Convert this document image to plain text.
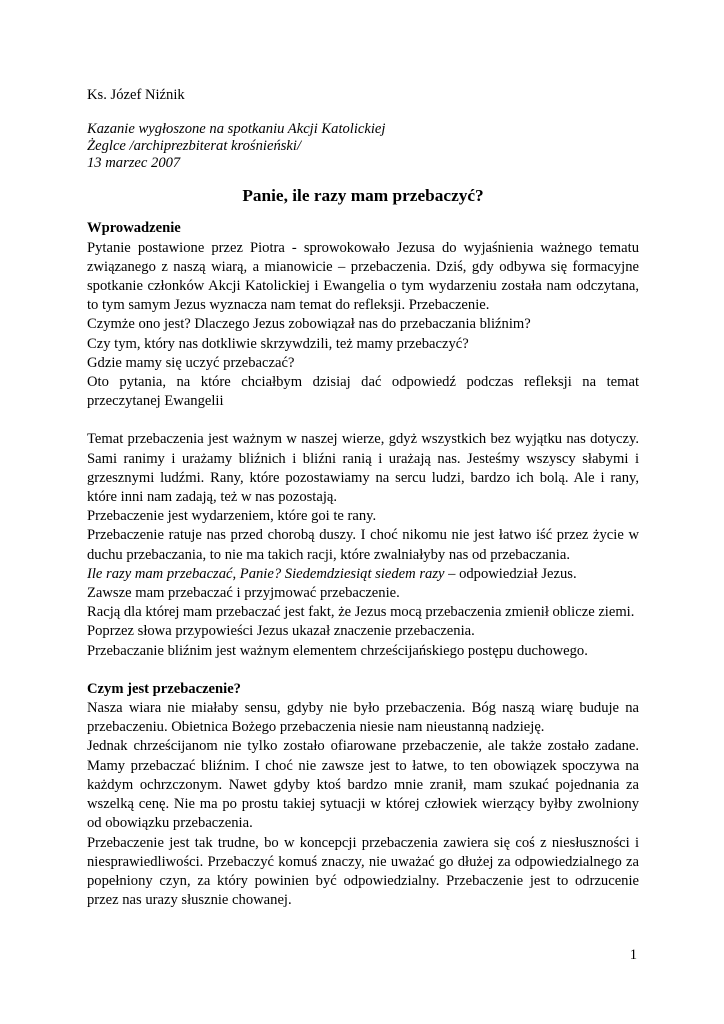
Ks. Józef Niźnik
Kazanie wygłoszone na spotkaniu Akcji Katolickiej
Żeglce /archiprezbiterat krośnieński/
13 marzec 2007
Panie, ile razy mam przebaczyć?
Wprowadzenie

Pytanie postawione przez Piotra - sprowokowało Jezusa do wyjaśnienia ważnego tematu związanego z naszą wiarą, a mianowicie – przebaczenia. Dziś, gdy odbywa się formacyjne spotkanie członków Akcji Katolickiej i Ewangelia o tym wydarzeniu została nam odczytana, to tym samym Jezus wyznacza nam temat do refleksji. Przebaczenie.

Czymże ono jest? Dlaczego Jezus zobowiązał nas do przebaczania bliźnim?

Czy tym, który nas dotkliwie skrzywdzili, też mamy przebaczyć?

Gdzie mamy się uczyć przebaczać?

Oto pytania, na które chciałbym dzisiaj dać odpowiedź podczas refleksji na temat przeczytanej Ewangelii

Temat przebaczenia jest ważnym w naszej wierze, gdyż wszystkich bez wyjątku nas dotyczy. Sami ranimy i urażamy bliźnich i bliźni ranią i urażają nas. Jesteśmy wszyscy słabymi i grzesznymi ludźmi. Rany, które pozostawiamy na sercu ludzi, bardzo ich bolą. Ale i rany, które inni nam zadają, też w nas pozostają.

Przebaczenie jest wydarzeniem, które goi te rany.

Przebaczenie ratuje nas przed chorobą duszy. I choć nikomu nie jest łatwo iść przez życie w duchu przebaczania, to nie ma takich racji, które zwalniałyby nas od przebaczania.

Ile razy mam przebaczać, Panie? Siedemdziesiąt siedem razy – odpowiedział Jezus.

Zawsze mam przebaczać i przyjmować przebaczenie.

Racją dla której mam przebaczać jest fakt, że Jezus mocą przebaczenia zmienił oblicze ziemi.

Poprzez słowa przypowieści Jezus ukazał znaczenie przebaczenia.

Przebaczanie bliźnim jest ważnym elementem chrześcijańskiego postępu duchowego.

Czym jest przebaczenie?

Nasza wiara nie miałaby sensu, gdyby nie było przebaczenia. Bóg naszą wiarę buduje na przebaczeniu. Obietnica Bożego przebaczenia niesie nam nieustanną nadzieję.

Jednak chrześcijanom nie tylko zostało ofiarowane przebaczenie, ale także zostało zadane. Mamy przebaczać bliźnim. I choć nie zawsze jest to łatwe, to ten obowiązek spoczywa na każdym ochrzczonym. Nawet gdyby ktoś bardzo mnie zranił, mam szukać pojednania za wszelką cenę. Nie ma po prostu takiej sytuacji w której człowiek wierzący byłby zwolniony od obowiązku przebaczenia.

Przebaczenie jest tak trudne, bo w koncepcji przebaczenia zawiera się coś z niesłuszności i niesprawiedliwości. Przebaczyć komuś znaczy, nie uważać go dłużej za odpowiedzialnego za popełniony czyn, za który powinien być odpowiedzialny. Przebaczenie jest to odrzucenie przez nas urazy słusznie chowanej.

1
